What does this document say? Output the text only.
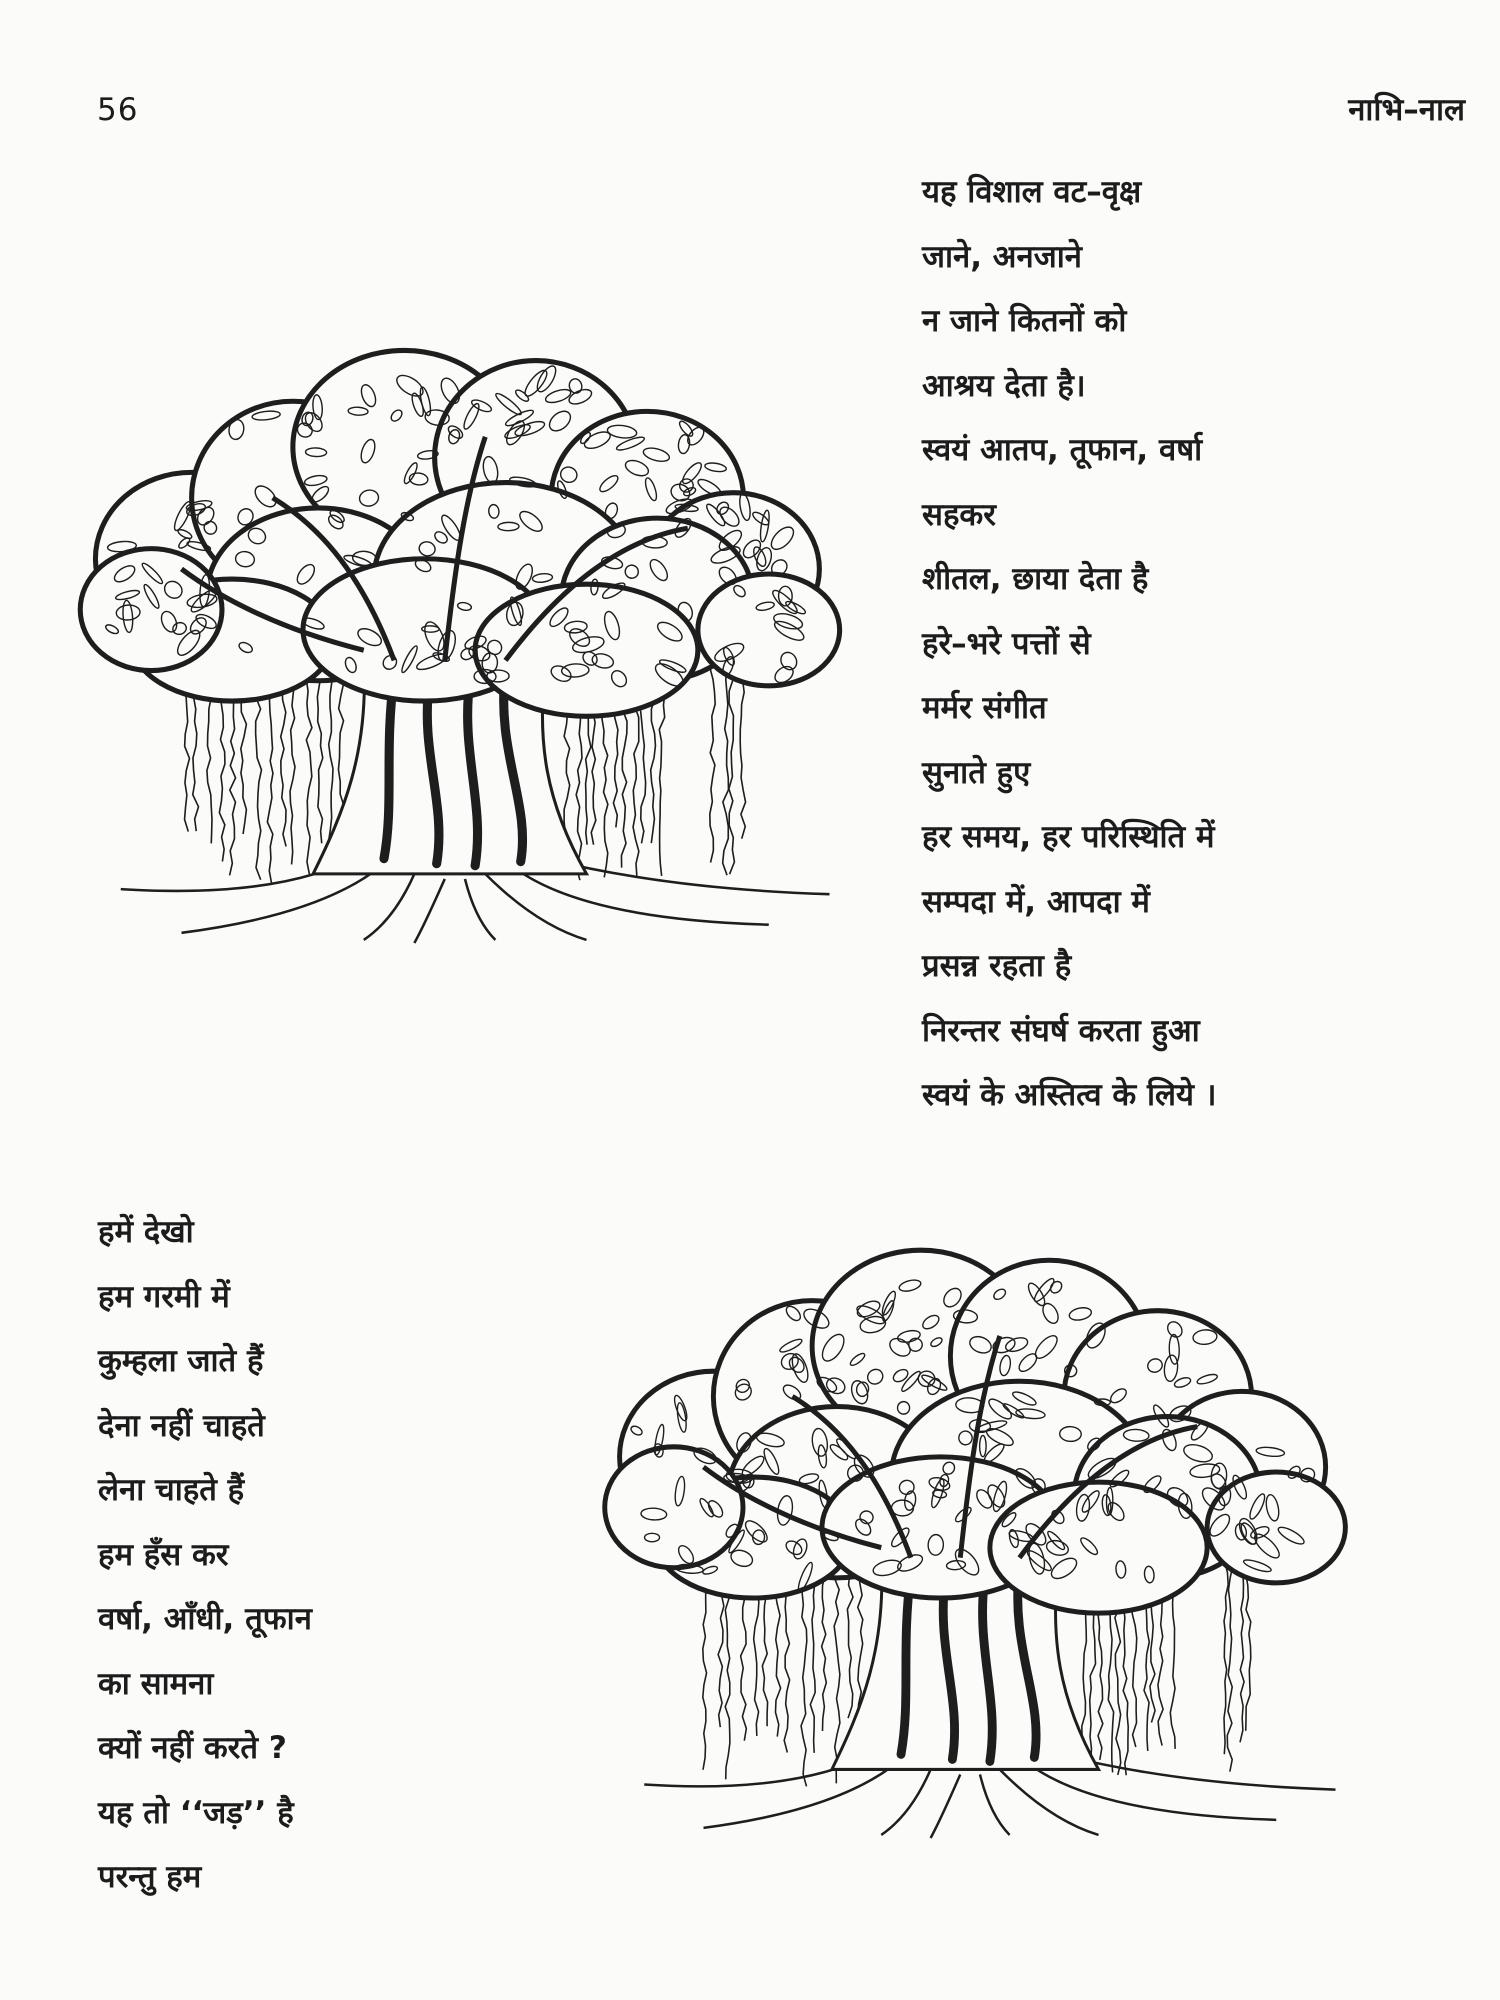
56	नाभि–नाल
यह विशाल वट–वृक्ष
जाने, अनजाने
न जाने कितनों को
आश्रय देता है।
स्वयं आतप, तूफान, वर्षा
सहकर
शीतल, छाया देता है
हरे–भरे पत्तों से
मर्मर संगीत
सुनाते हुए
हर समय, हर परिस्थिति में
सम्पदा में, आपदा में
प्रसन्न रहता है
निरन्तर संघर्ष करता हुआ
स्वयं के अस्तित्व के लिये ।
हमें देखो
हम गरमी में
कुम्हला जाते हैं
देना नहीं चाहते
लेना चाहते हैं
हम हँस कर
वर्षा, आँधी, तूफान
का सामना
क्यों नहीं करते ?
यह तो ‘‘जड़’’ है
परन्तु हम
